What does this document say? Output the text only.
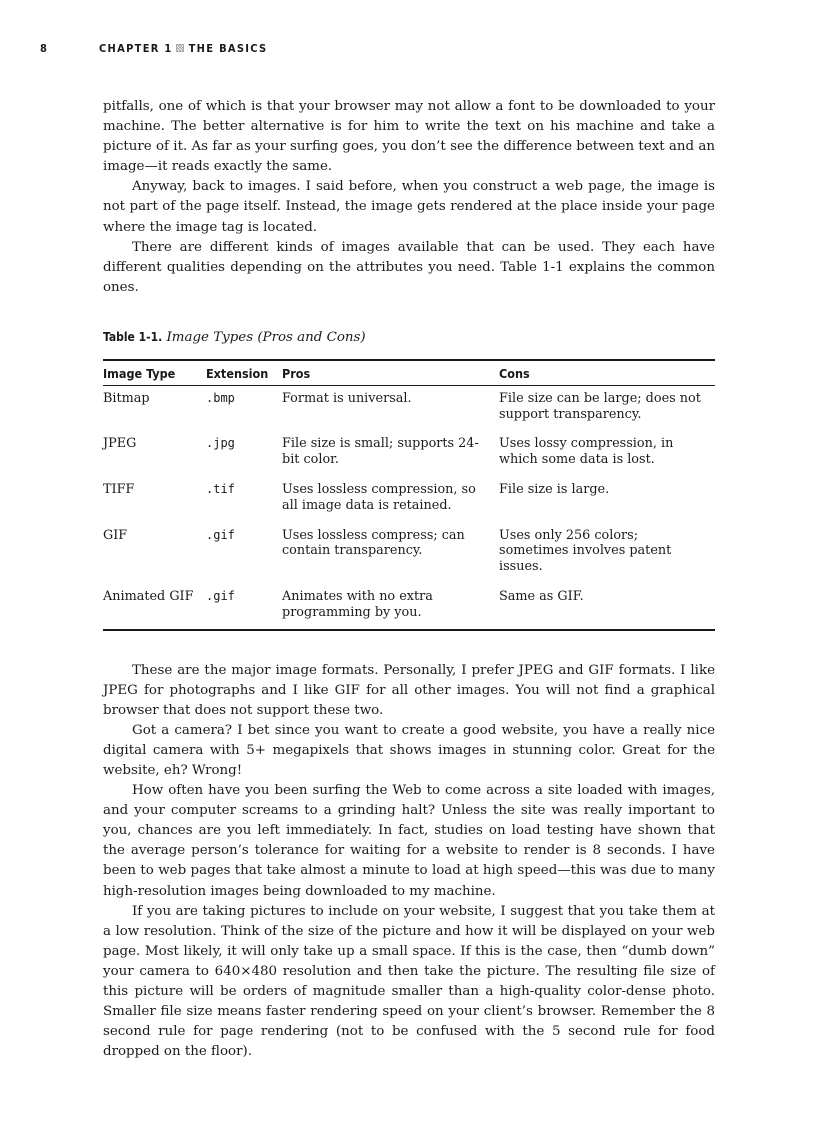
8	CHAPTER 1 THE BASICS

pitfalls, one of which is that your browser may not allow a font to be downloaded to your machine. The better alternative is for him to write the text on his machine and take a picture of it. As far as your surfing goes, you don’t see the difference between text and an image—it reads exactly the same.

Anyway, back to images. I said before, when you construct a web page, the image is not part of the page itself. Instead, the image gets rendered at the place inside your page where the image tag is located.

There are different kinds of images available that can be used. They each have different qualities depending on the attributes you need. Table 1-1 explains the common ones.

Table 1-1. Image Types (Pros and Cons)
Image Type	Extension	Pros	Cons
Bitmap	.bmp	Format is universal.	File size can be large; does not support transparency.

JPEG	.jpg	File size is small; supports 24-bit color.	Uses lossy compression, in which some data is lost.

TIFF	.tif	Uses lossless compression, so all image data is retained.	File size is large.

GIF	.gif	Uses lossless compress; can contain transparency.	Uses only 256 colors; sometimes involves patent issues.

Animated GIF	.gif	Animates with no extra programming by you.	Same as GIF.

These are the major image formats. Personally, I prefer JPEG and GIF formats. I like JPEG for photographs and I like GIF for all other images. You will not find a graphical browser that does not support these two.

Got a camera? I bet since you want to create a good website, you have a really nice digital camera with 5+ megapixels that shows images in stunning color. Great for the website, eh? Wrong!

How often have you been surfing the Web to come across a site loaded with images, and your computer screams to a grinding halt? Unless the site was really important to you, chances are you left immediately. In fact, studies on load testing have shown that the average person’s tolerance for waiting for a website to render is 8 seconds. I have been to web pages that take almost a minute to load at high speed—this was due to many high-resolution images being downloaded to my machine.

If you are taking pictures to include on your website, I suggest that you take them at a low resolution. Think of the size of the picture and how it will be displayed on your web page. Most likely, it will only take up a small space. If this is the case, then “dumb down” your camera to 640×480 resolution and then take the picture. The resulting file size of this picture will be orders of magnitude smaller than a high-quality color-dense photo. Smaller file size means faster rendering speed on your client’s browser. Remember the 8 second rule for page rendering (not to be confused with the 5 second rule for food dropped on the floor).
